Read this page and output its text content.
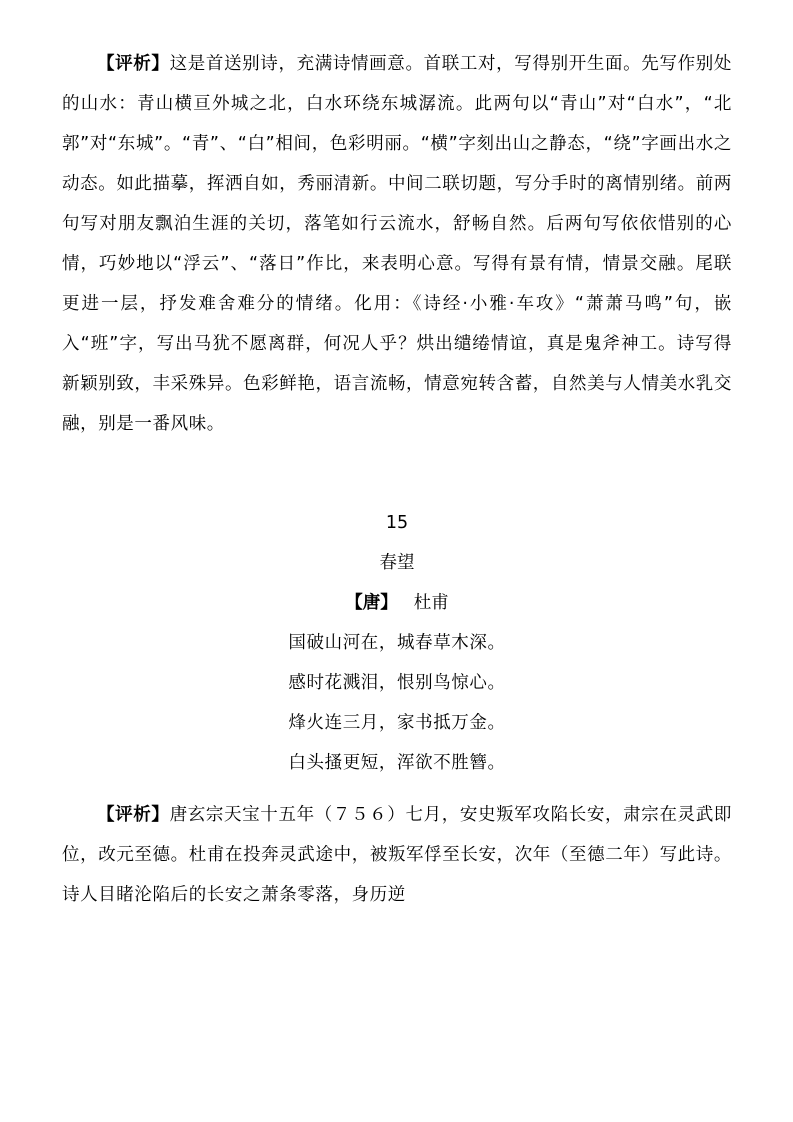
【评析】这是首送别诗，充满诗情画意。首联工对，写得别开生面。先写作别处的山水：青山横亘外城之北，白水环绕东城潺流。此两句以“青山”对“白水”，“北郭”对“东城”。“青”、“白”相间，色彩明丽。“横”字刻出山之静态，“绕”字画出水之动态。如此描摹，挥洒自如，秀丽清新。中间二联切题，写分手时的离情别绪。前两句写对朋友飘泊生涯的关切，落笔如行云流水，舒畅自然。后两句写依依惜别的心情，巧妙地以“浮云”、“落日”作比，来表明心意。写得有景有情，情景交融。尾联更进一层，抒发难舍难分的情绪。化用：《诗经·小雅·车攻》“萧萧马鸣”句，嵌入“班”字，写出马犹不愿离群，何况人乎？烘出缱绻情谊，真是鬼斧神工。诗写得新颖别致，丰采殊异。色彩鲜艳，语言流畅，情意宛转含蓄，自然美与人情美水乳交融，别是一番风味。

15

春望

【唐】 杜甫

国破山河在，城春草木深。

感时花溅泪，恨别鸟惊心。

烽火连三月，家书抵万金。

白头搔更短，浑欲不胜簪。

【评析】唐玄宗天宝十五年（７５６）七月，安史叛军攻陷长安，肃宗在灵武即位，改元至德。杜甫在投奔灵武途中，被叛军俘至长安，次年（至德二年）写此诗。诗人目睹沦陷后的长安之萧条零落，身历逆
